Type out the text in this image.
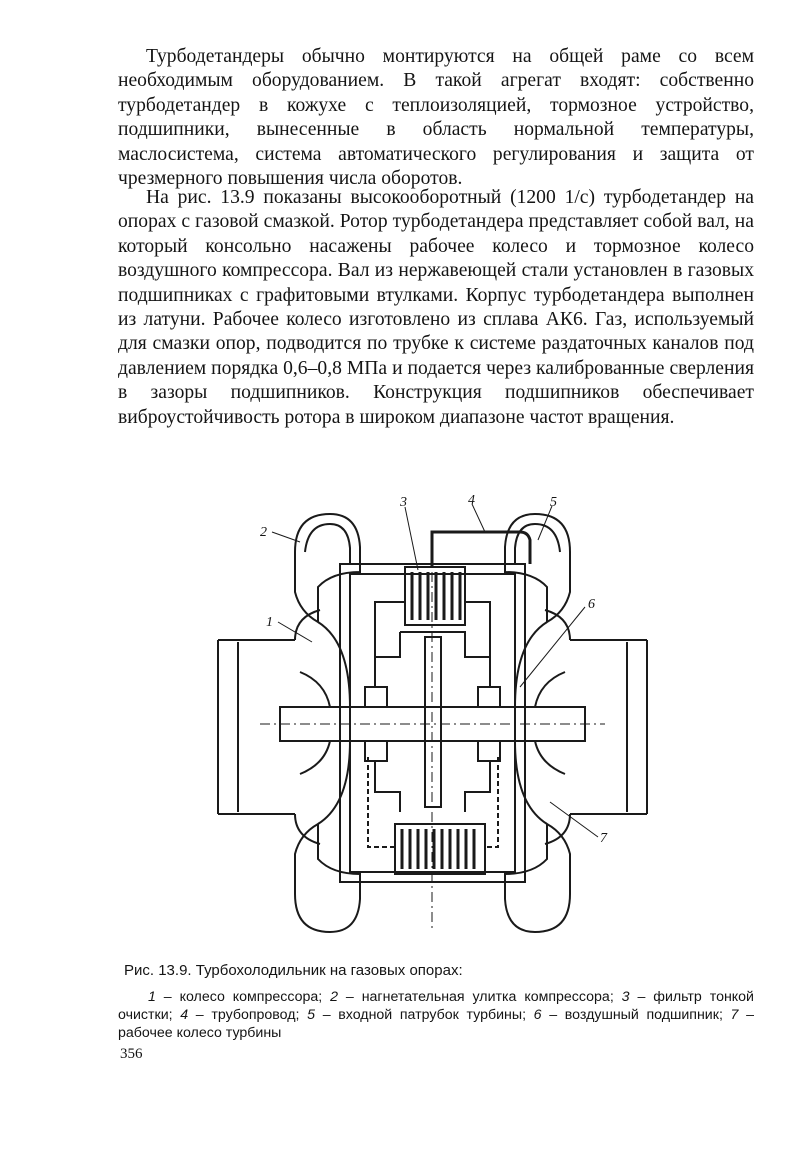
Турбодетандеры обычно монтируются на общей раме со всем необходимым оборудованием. В такой агрегат входят: собственно турбодетандер в кожухе с теплоизоляцией, тормозное устройство, подшипники, вынесенные в область нормальной температуры, маслосистема, система автоматического регулирования и защита от чрезмерного повышения числа оборотов.

На рис. 13.9 показаны высокооборотный (1200 1/с) турбодетандер на опорах с газовой смазкой. Ротор турбодетандера представляет собой вал, на который консольно насажены рабочее колесо и тормозное колесо воздушного компрессора. Вал из нержавеющей стали установлен в газовых подшипниках с графитовыми втулками. Корпус турбодетандера выполнен из латуни. Рабочее колесо изготовлено из сплава АК6. Газ, используемый для смазки опор, подводится по трубке к системе раздаточных каналов под давлением порядка 0,6–0,8 МПа и подается через калиброванные сверления в зазоры подшипников. Конструкция подшипников обеспечивает виброустойчивость ротора в широком диапазоне частот вращения.

1
2
3	4	5
6
7
Рис. 13.9. Турбохолодильник на газовых опорах:

1 – колесо компрессора; 2 – нагнетательная улитка компрессора; 3 – фильтр тонкой очистки; 4 – трубопровод; 5 – входной патрубок турбины; 6 – воздушный подшипник; 7 – рабочее колесо турбины

356
